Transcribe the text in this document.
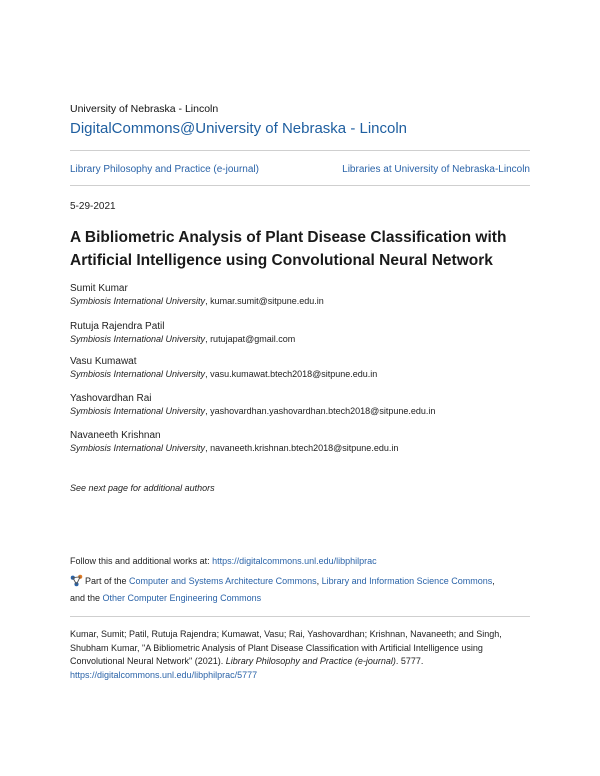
University of Nebraska - Lincoln
DigitalCommons@University of Nebraska - Lincoln
Library Philosophy and Practice (e-journal)	Libraries at University of Nebraska-Lincoln
5-29-2021
A Bibliometric Analysis of Plant Disease Classification with Artificial Intelligence using Convolutional Neural Network
Sumit Kumar
Symbiosis International University, kumar.sumit@sitpune.edu.in
Rutuja Rajendra Patil
Symbiosis International University, rutujapat@gmail.com
Vasu Kumawat
Symbiosis International University, vasu.kumawat.btech2018@sitpune.edu.in
Yashovardhan Rai
Symbiosis International University, yashovardhan.yashovardhan.btech2018@sitpune.edu.in
Navaneeth Krishnan
Symbiosis International University, navaneeth.krishnan.btech2018@sitpune.edu.in
See next page for additional authors
Follow this and additional works at: https://digitalcommons.unl.edu/libphilprac
Part of the Computer and Systems Architecture Commons, Library and Information Science Commons, and the Other Computer Engineering Commons
Kumar, Sumit; Patil, Rutuja Rajendra; Kumawat, Vasu; Rai, Yashovardhan; Krishnan, Navaneeth; and Singh, Shubham Kumar, "A Bibliometric Analysis of Plant Disease Classification with Artificial Intelligence using Convolutional Neural Network" (2021). Library Philosophy and Practice (e-journal). 5777.
https://digitalcommons.unl.edu/libphilprac/5777
